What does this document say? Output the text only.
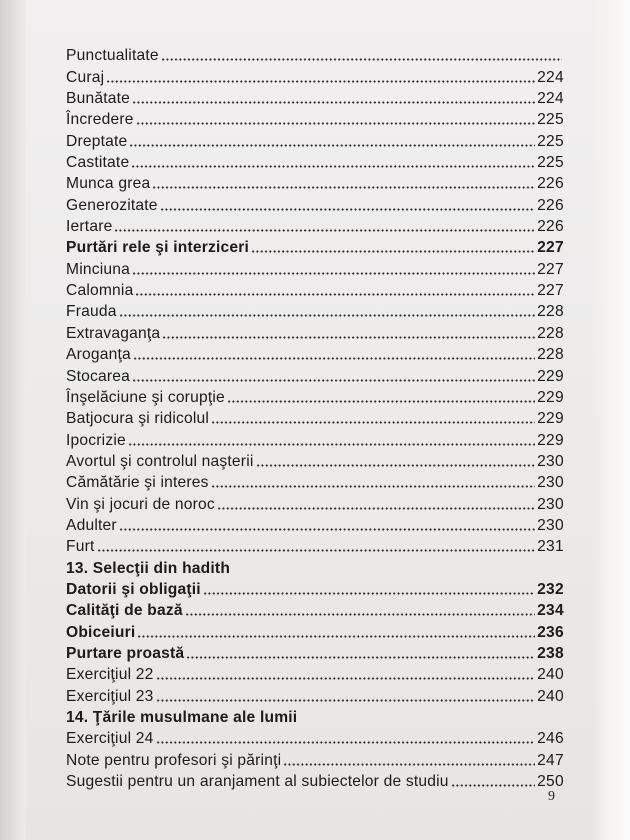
Punctualitate
Curaj	224
Bunătate	224
Încredere	225
Dreptate	225
Castitate	225
Munca grea	226
Generozitate	226
Iertare	226
Purtări rele şi interziceri	227
Minciuna	227
Calomnia	227
Frauda	228
Extravaganţa	228
Aroganţa	228
Stocarea	229
Înşelăciune şi corupţie	229
Batjocura şi ridicolul	229
Ipocrizie	229
Avortul şi controlul naşterii	230
Cămătărie şi interes	230
Vin şi jocuri de noroc	230
Adulter	230
Furt	231
13. Selecţii din hadith
Datorii şi obligaţii	232
Calităţi de bază	234
Obiceiuri	236
Purtare proastă	238
Exerciţiul 22	240
Exerciţiul 23	240
14. Ţările musulmane ale lumii
Exerciţiul 24	246
Note pentru profesori şi părinţi	247
Sugestii pentru un aranjament al subiectelor de studiu	250
9
